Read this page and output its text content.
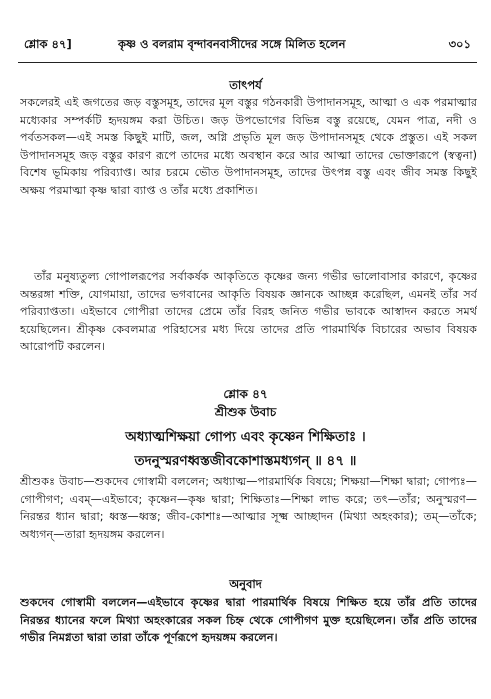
শ্লোক ৪৭]	কৃষ্ণ ও বলরাম বৃন্দাবনবাসীদের সঙ্গে মিলিত হলেন	৩০১
তাৎপর্য
সকলেরই এই জগতের জড় বস্তুসমূহ, তাদের মূল বস্তুর গঠনকারী উপাদানসমূহ, আত্মা ও এক পরমাত্মার মধ্যেকার সম্পর্কটি হৃদয়ঙ্গম করা উচিত। জড় উপভোগের বিভিন্ন বস্তু রয়েছে, যেমন পাত্র, নদী ও পর্বতসকল—এই সমস্ত কিছুই মাটি, জল, অগ্নি প্রভৃতি মূল জড় উপাদানসমূহ থেকে প্রস্তুত। এই সকল উপাদানসমূহ জড় বস্তুর কারণ রূপে তাদের মধ্যে অবস্থান করে আর আত্মা তাদের ভোক্তারূপে (স্বত্বনা) বিশেষ ভূমিকায় পরিব্যাপ্ত। আর চরমে ভৌত উপাদানসমূহ, তাদের উৎপন্ন বস্তু এবং জীব সমস্ত কিছুই অক্ষয় পরমাত্মা কৃষ্ণ দ্বারা ব্যাপ্ত ও তাঁর মধ্যে প্রকাশিত।
তাঁর মনুষ্যতুল্য গোপালরূপের সর্বাকর্ষক আকৃতিতে কৃষ্ণের জন্য গভীর ভালোবাসার কারণে, কৃষ্ণের অন্তরঙ্গা শক্তি, যোগমায়া, তাদের ভগবানের আকৃতি বিষয়ক জ্ঞানকে আচ্ছন্ন করেছিল, এমনই তাঁর সর্ব পরিব্যাপ্ততা। এইভাবে গোপীরা তাদের প্রেমে তাঁর বিরহ জনিত গভীর ভাবকে আস্বাদন করতে সমর্থ হয়েছিলেন। শ্রীকৃষ্ণ কেবলমাত্র পরিহাসের মধ্য দিয়ে তাদের প্রতি পারমার্থিক বিচারের অভাব বিষয়ক আরোপটি করলেন।
শ্লোক ৪৭
শ্রীশুক উবাচ
অধ্যাত্মশিক্ষয়া গোপ্য এবং কৃষ্ণেন শিক্ষিতাঃ ।
তদনুস্মরণধ্বস্তজীবকোশাস্তমধ্যগন্ ॥ ৪৭ ॥
শ্রীশুকঃ উবাচ—শুকদেব গোস্বামী বললেন; অধ্যাত্ম—পারমার্থিক বিষয়ে; শিক্ষয়া—শিক্ষা দ্বারা; গোপ্যঃ—গোপীগণ; এবম্—এইভাবে; কৃষ্ণেন—কৃষ্ণ দ্বারা; শিক্ষিতাঃ—শিক্ষা লাভ করে; তৎ—তাঁর; অনুস্মরণ—নিরন্তর ধ্যান দ্বারা; ধ্বস্ত—ধ্বস্ত; জীব-কোশাঃ—আত্মার সূক্ষ্ম আচ্ছাদন (মিথ্যা অহংকার); তম্—তাঁকে; অধ্যগন্—তারা হৃদয়ঙ্গম করলেন।
অনুবাদ
শুকদেব গোস্বামী বললেন—এইভাবে কৃষ্ণের দ্বারা পারমার্থিক বিষয়ে শিক্ষিত হয়ে তাঁর প্রতি তাদের নিরন্তর ধ্যানের ফলে মিথ্যা অহংকারের সকল চিহ্ন থেকে গোপীগণ মুক্ত হয়েছিলেন। তাঁর প্রতি তাদের গভীর নিমগ্নতা দ্বারা তারা তাঁকে পূর্ণরূপে হৃদয়ঙ্গম করলেন।
